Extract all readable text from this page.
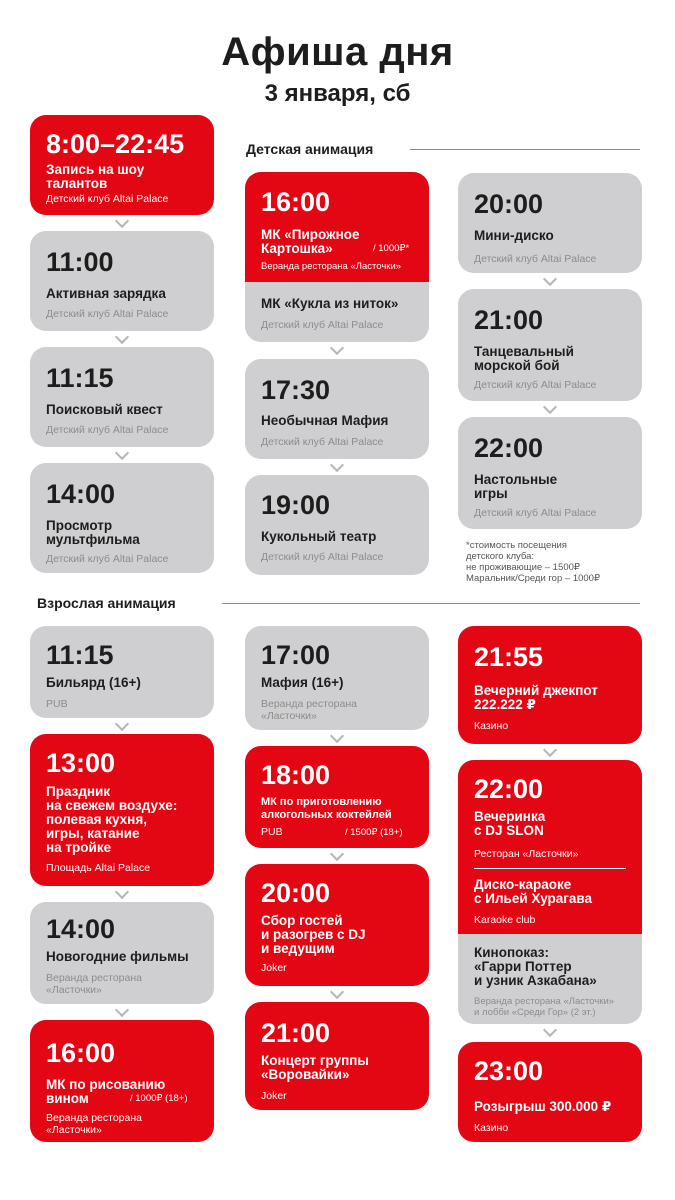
Афиша дня
3 января, сб
Детская анимация
8:00–22:45
Запись на шоу
талантов
Детский клуб Altai Palace
11:00
Активная зарядка
Детский клуб Altai Palace
11:15
Поисковый квест
Детский клуб Altai Palace
14:00
Просмотр
мультфильма
Детский клуб Altai Palace
16:00
МК «Пирожное
Картошка»	/ 1000₽*
Веранда ресторана «Ласточки»
МК «Кукла из ниток»
Детский клуб Altai Palace
17:30
Необычная Мафия
Детский клуб Altai Palace
19:00
Кукольный театр
Детский клуб Altai Palace
20:00
Мини-диско
Детский клуб Altai Palace
21:00
Танцевальный
морской бой
Детский клуб Altai Palace
22:00
Настольные
игры
Детский клуб Altai Palace
*стоимость посещения
детского клуба:
не проживающие – 1500₽
Маральник/Среди гор – 1000₽
Взрослая анимация
11:15
Бильярд (16+)
PUB
13:00
Праздник
на свежем воздухе:
полевая кухня,
игры, катание
на тройке
Площадь Altai Palace
14:00
Новогодние фильмы
Веранда ресторана
«Ласточки»
16:00
МК по рисованию
вином	/ 1000₽ (18+)
Веранда ресторана
«Ласточки»
17:00
Мафия (16+)
Веранда ресторана
«Ласточки»
18:00
МК по приготовлению
алкогольных коктейлей
PUB	/ 1500₽ (18+)
20:00
Сбор гостей
и разогрев с DJ
и ведущим
Joker
21:00
Концерт группы
«Воровайки»
Joker
21:55
Вечерний джекпот
222.222 ₽
Казино
22:00
Вечеринка
с DJ SLON
Ресторан «Ласточки»
Диско-караоке
с Ильей Хурагава
Karaoke club
Кинопоказ:
«Гарри Поттер
и узник Азкабана»
Веранда ресторана «Ласточки»
и лобби «Среди Гор» (2 эт.)
23:00
Розыгрыш 300.000 ₽
Казино
